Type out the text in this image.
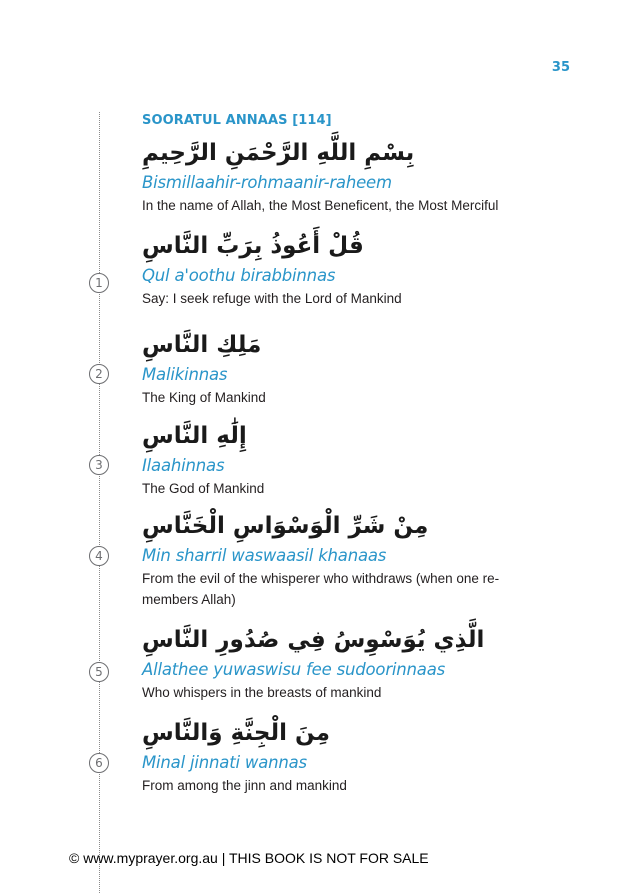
35
SOORATUL ANNAAS [114]
بِسْمِ اللَّهِ الرَّحْمَنِ الرَّحِيمِ
Bismillaahir-rohmaanir-raheem
In the name of Allah, the Most Beneficent, the Most Merciful
قُلْ أَعُوذُ بِرَبِّ النَّاسِ
Qul a'oothu birabbinnas
Say: I seek refuge with the Lord of Mankind
1
مَلِكِ النَّاسِ
Malikinnas
The King of Mankind
2
إِلَٰهِ النَّاسِ
Ilaahinnas
The God of Mankind
3
مِنْ شَرِّ الْوَسْوَاسِ الْخَنَّاسِ
Min sharril waswaasil khanaas
From the evil of the whisperer who withdraws (when one re-
members Allah)
4
الَّذِي يُوَسْوِسُ فِي صُدُورِ النَّاسِ
Allathee yuwaswisu fee sudoorinnaas
Who whispers in the breasts of mankind
5
مِنَ الْجِنَّةِ وَالنَّاسِ
Minal jinnati wannas
From among the jinn and mankind
6
© www.myprayer.org.au | THIS BOOK IS NOT FOR SALE
